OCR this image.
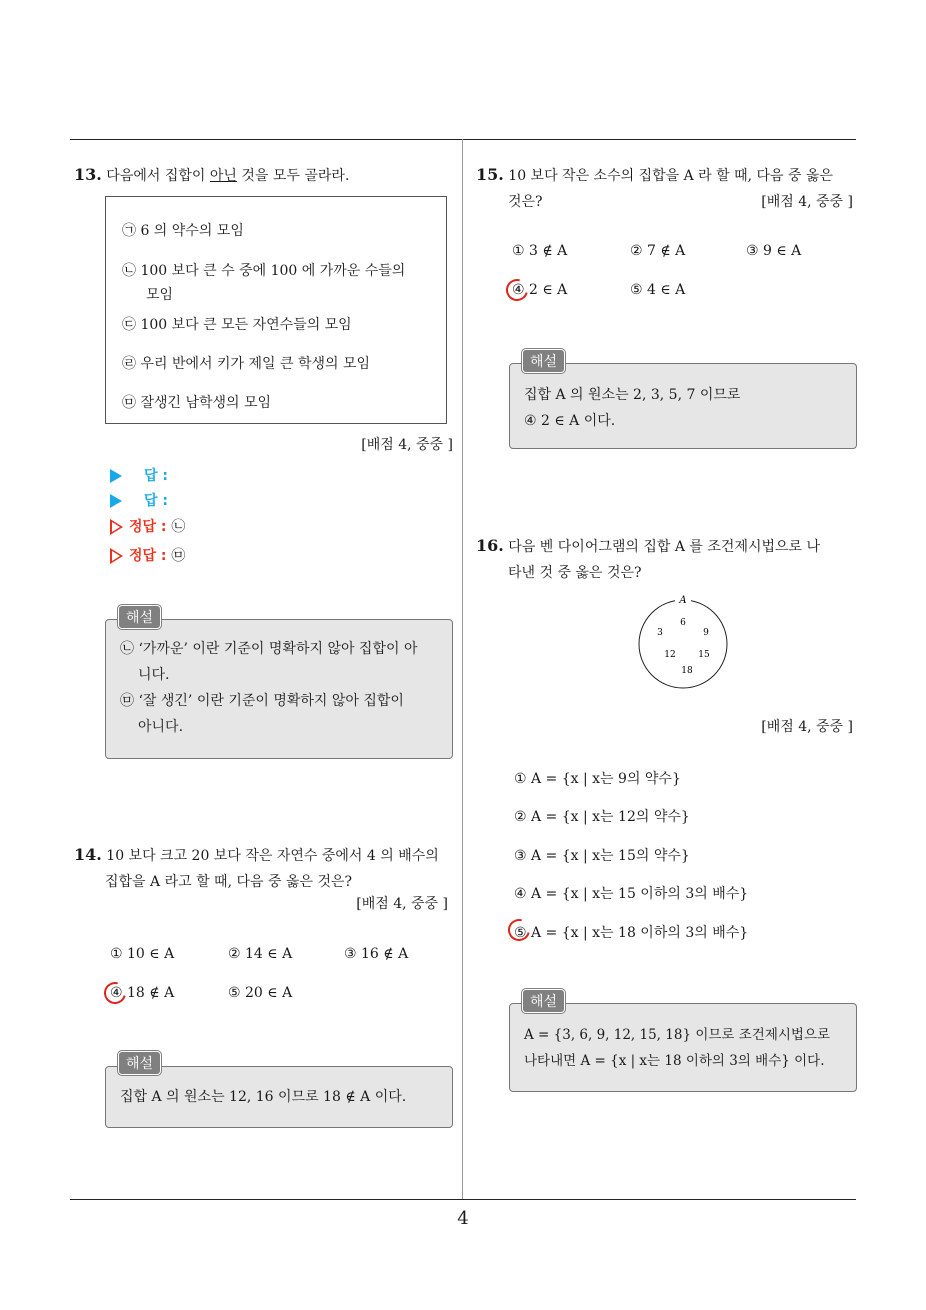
13. 다음에서 집합이 아닌 것을 모두 골라라.
㉠ 6 의 약수의 모임
㉡ 100 보다 큰 수 중에 100 에 가까운 수들의
모임
㉢ 100 보다 큰 모든 자연수들의 모임
㉣ 우리 반에서 키가 제일 큰 학생의 모임
㉤ 잘생긴 남학생의 모임
[배점 4, 중중 ]
답 :
답 :
정답 : ㉡
정답 : ㉤
㉡ ‘가까운’ 이란 기준이 명확하지 않아 집합이 아
니다.
㉤ ‘잘 생긴’ 이란 기준이 명확하지 않아 집합이
아니다.
해설
14. 10 보다 크고 20 보다 작은 자연수 중에서 4 의 배수의
집합을 A 라고 할 때, 다음 중 옳은 것은?
[배점 4, 중중 ]
① 10 ∈ A	② 14 ∈ A	③ 16 ∉ A
④ 18 ∉ A	⑤ 20 ∈ A
집합 A 의 원소는 12, 16 이므로 18 ∉ A 이다.
해설
15. 10 보다 작은 소수의 집합을 A 라 할 때, 다음 중 옳은
것은?	[배점 4, 중중 ]
① 3 ∉ A	② 7 ∉ A	③ 9 ∈ A
④ 2 ∈ A	⑤ 4 ∈ A
집합 A 의 원소는 2, 3, 5, 7 이므로
④ 2 ∈ A 이다.
해설
16. 다음 벤 다이어그램의 집합 A 를 조건제시법으로 나
타낸 것 중 옳은 것은?
A
6
3	9
12	15
18
[배점 4, 중중 ]
① A = {x | x는 9의 약수}
② A = {x | x는 12의 약수}
③ A = {x | x는 15의 약수}
④ A = {x | x는 15 이하의 3의 배수}
⑤ A = {x | x는 18 이하의 3의 배수}
A = {3, 6, 9, 12, 15, 18} 이므로 조건제시법으로
나타내면 A = {x | x는 18 이하의 3의 배수} 이다.
해설
4
